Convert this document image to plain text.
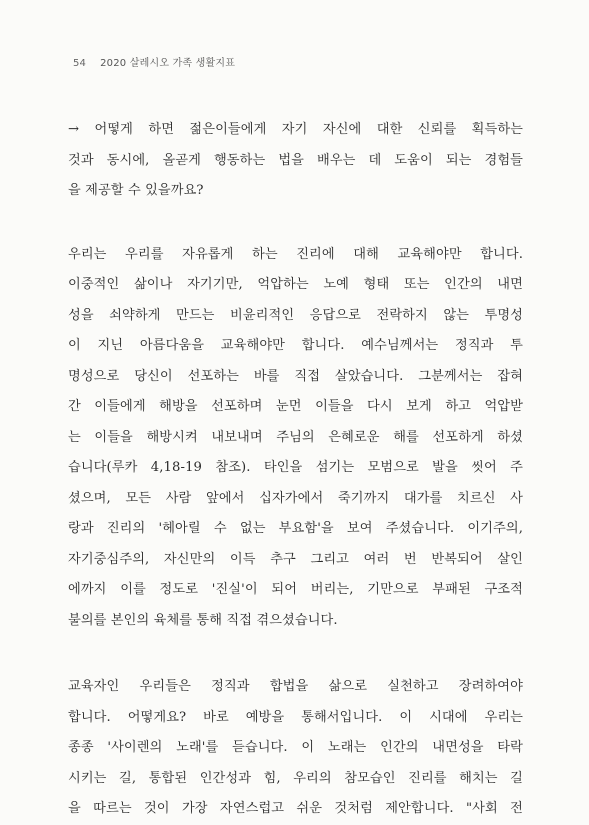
54 2020 살레시오 가족 생활지표
→ 어떻게 하면 젊은이들에게 자기 자신에 대한 신뢰를 획득하는
것과 동시에, 올곧게 행동하는 법을 배우는 데 도움이 되는 경험들
을 제공할 수 있을까요?
우리는 우리를 자유롭게 하는 진리에 대해 교육해야만 합니다.
이중적인 삶이나 자기기만, 억압하는 노예 형태 또는 인간의 내면
성을 쇠약하게 만드는 비윤리적인 응답으로 전락하지 않는 투명성
이 지닌 아름다움을 교육해야만 합니다. 예수님께서는 정직과 투
명성으로 당신이 선포하는 바를 직접 살았습니다. 그분께서는 잡혀
간 이들에게 해방을 선포하며 눈먼 이들을 다시 보게 하고 억압받
는 이들을 해방시켜 내보내며 주님의 은혜로운 해를 선포하게 하셨
습니다(루카 4,18-19 참조). 타인을 섬기는 모범으로 발을 씻어 주
셨으며, 모든 사람 앞에서 십자가에서 죽기까지 대가를 치르신 사
랑과 진리의 '헤아릴 수 없는 부요함'을 보여 주셨습니다. 이기주의,
자기중심주의, 자신만의 이득 추구 그리고 여러 번 반복되어 살인
에까지 이를 정도로 '진실'이 되어 버리는, 기만으로 부패된 구조적
불의를 본인의 육체를 통해 직접 겪으셨습니다.
교육자인 우리들은 정직과 합법을 삶으로 실천하고 장려하여야
합니다. 어떻게요? 바로 예방을 통해서입니다. 이 시대에 우리는
종종 '사이렌의 노래'를 듣습니다. 이 노래는 인간의 내면성을 타락
시키는 길, 통합된 인간성과 힘, 우리의 참모습인 진리를 해치는 길
을 따르는 것이 가장 자연스럽고 쉬운 것처럼 제안합니다. "사회 전
